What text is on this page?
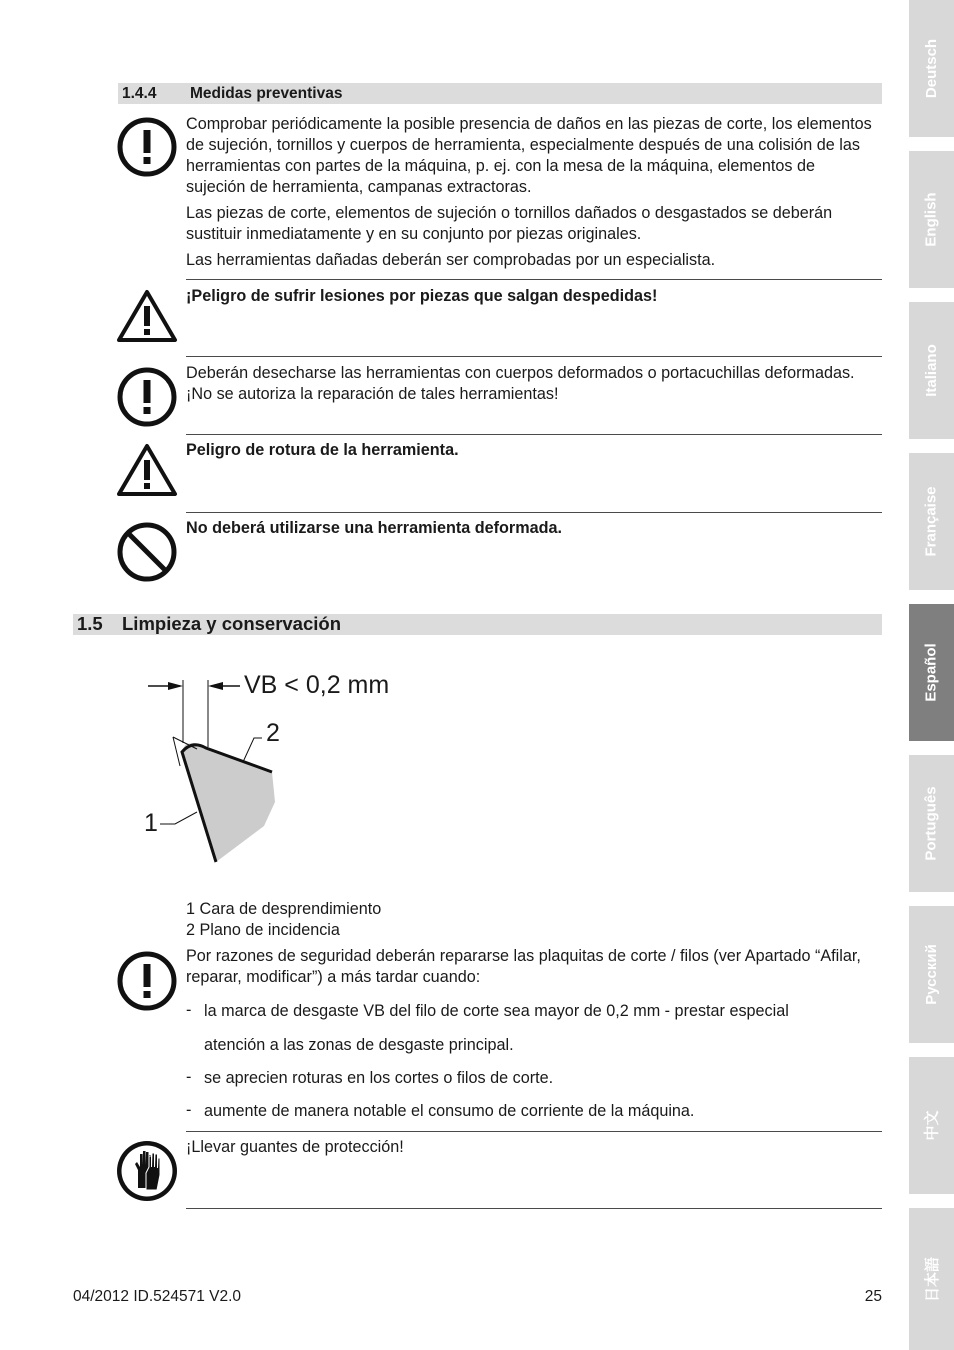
1.4.4 Medidas preventivas

Comprobar periódicamente la posible presencia de daños en las piezas de corte, los elementos de sujeción, tornillos y cuerpos de herramienta, especialmente después de una colisión de las herramientas con partes de la máquina, p. ej. con la mesa de la máquina, elementos de sujeción de herramienta, campanas extractoras.

Las piezas de corte, elementos de sujeción o tornillos dañados o desgastados se deberán sustituir inmediatamente y en su conjunto por piezas originales.

Las herramientas dañadas deberán ser comprobadas por un especialista.

¡Peligro de sufrir lesiones por piezas que salgan despedidas!
Deberán desecharse las herramientas con cuerpos deformados o portacuchillas deformadas. ¡No se autoriza la reparación de tales herramientas!
Peligro de rotura de la herramienta.
No deberá utilizarse una herramienta deformada.
1.5 Limpieza y conservación
VB < 0,2 mm
2
1
1 Cara de desprendimiento
2 Plano de incidencia
Por razones de seguridad deberán repararse las plaquitas de corte / filos (ver Apartado “Afilar, reparar, modificar”) a más tardar cuando:
- la marca de desgaste VB del filo de corte sea mayor de 0,2 mm - prestar especial
atención a las zonas de desgaste principal.
- se aprecien roturas en los cortes o filos de corte.
- aumente de manera notable el consumo de corriente de la máquina.
¡Llevar guantes de protección!
04/2012 ID.524571 V2.0	25
Deutsch
English
Italiano
Française
Español
Português
Русский
中文
日本語
